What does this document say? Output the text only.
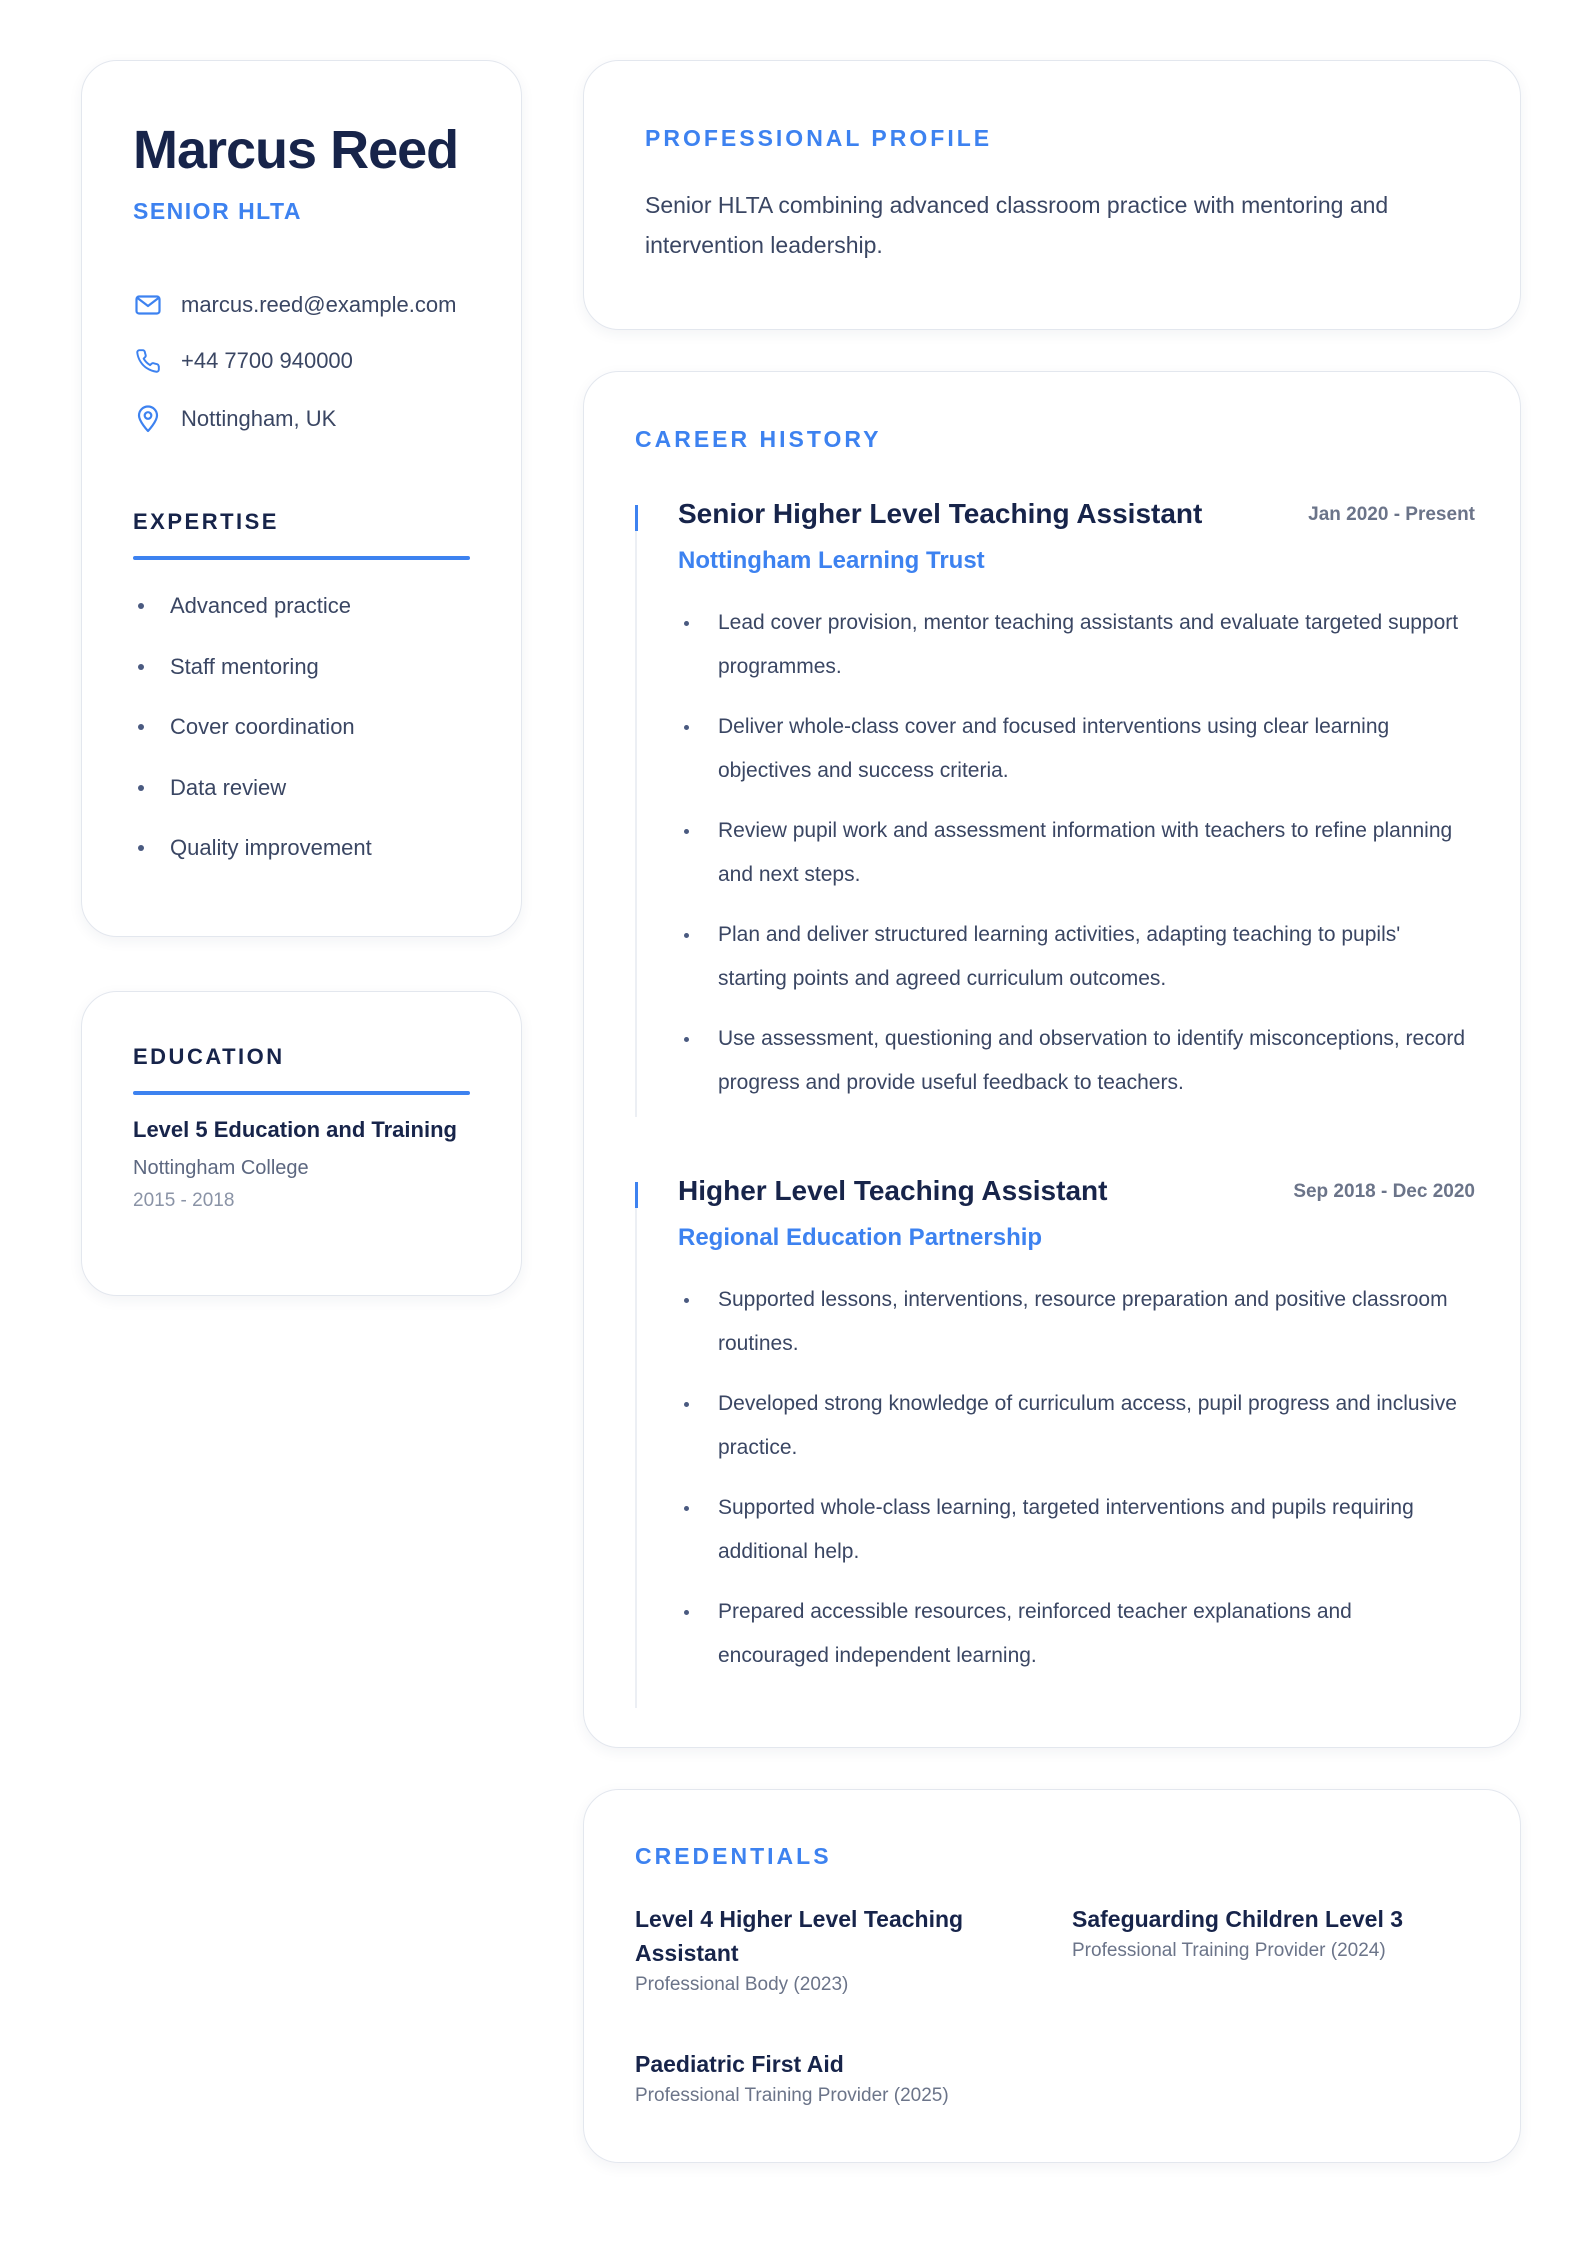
Marcus Reed
SENIOR HLTA
marcus.reed@example.com
+44 7700 940000
Nottingham, UK
EXPERTISE
Advanced practice
Staff mentoring
Cover coordination
Data review
Quality improvement
EDUCATION
Level 5 Education and Training
Nottingham College
2015 - 2018
PROFESSIONAL PROFILE
Senior HLTA combining advanced classroom practice with mentoring and intervention leadership.
CAREER HISTORY
Senior Higher Level Teaching Assistant	Jan 2020 - Present
Nottingham Learning Trust
Lead cover provision, mentor teaching assistants and evaluate targeted support programmes.
Deliver whole-class cover and focused interventions using clear learning objectives and success criteria.
Review pupil work and assessment information with teachers to refine planning and next steps.
Plan and deliver structured learning activities, adapting teaching to pupils' starting points and agreed curriculum outcomes.
Use assessment, questioning and observation to identify misconceptions, record progress and provide useful feedback to teachers.
Higher Level Teaching Assistant	Sep 2018 - Dec 2020
Regional Education Partnership
Supported lessons, interventions, resource preparation and positive classroom routines.
Developed strong knowledge of curriculum access, pupil progress and inclusive practice.
Supported whole-class learning, targeted interventions and pupils requiring additional help.
Prepared accessible resources, reinforced teacher explanations and encouraged independent learning.
CREDENTIALS
Level 4 Higher Level Teaching Assistant
Professional Body (2023)
Safeguarding Children Level 3
Professional Training Provider (2024)
Paediatric First Aid
Professional Training Provider (2025)
